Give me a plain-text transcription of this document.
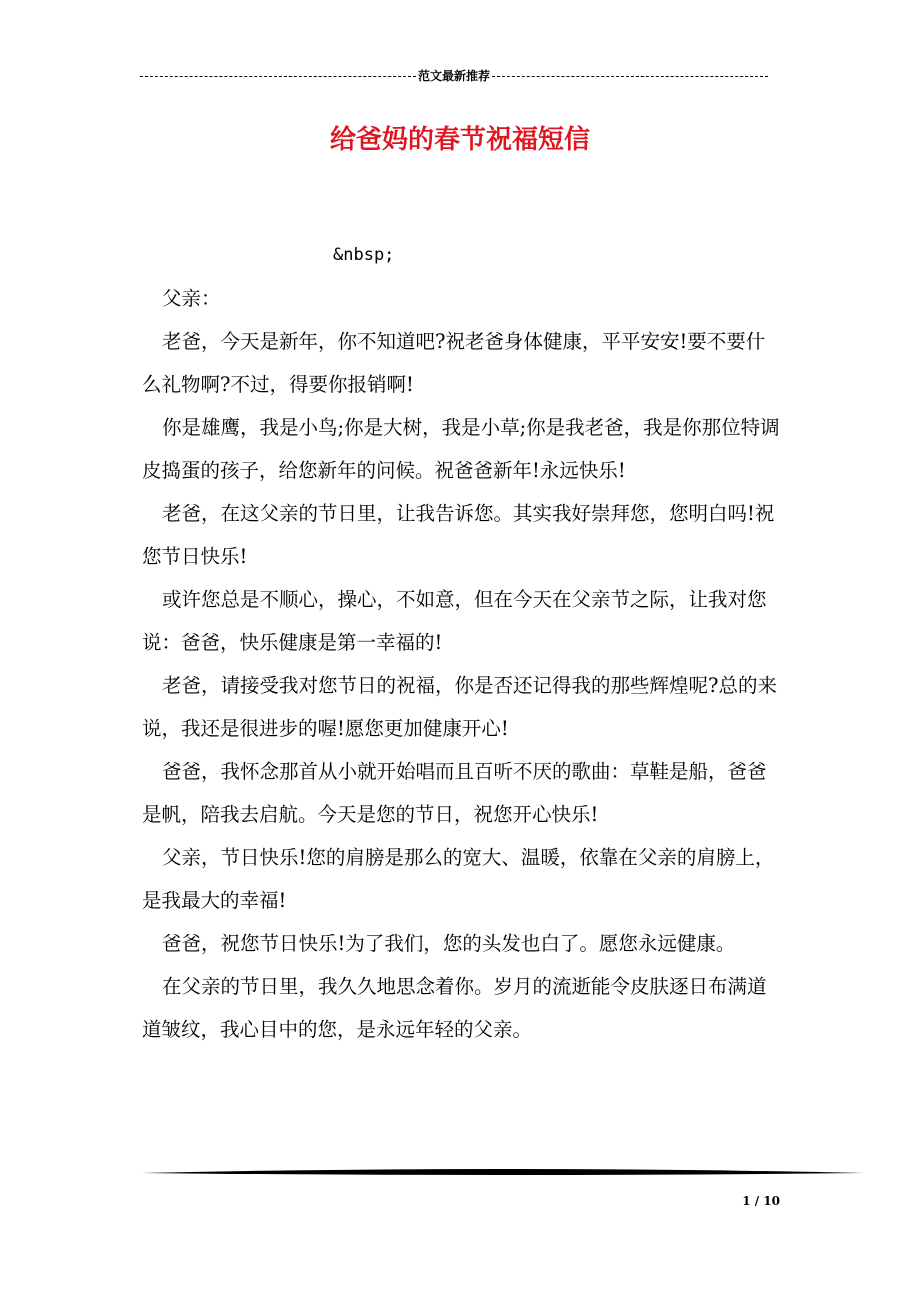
范文最新推荐
给爸妈的春节祝福短信

&nbsp;

父亲：

老爸，今天是新年，你不知道吧?祝老爸身体健康，平平安安!要不要什么礼物啊?不过，得要你报销啊!

你是雄鹰，我是小鸟;你是大树，我是小草;你是我老爸，我是你那位特调皮捣蛋的孩子，给您新年的问候。祝爸爸新年!永远快乐!

老爸，在这父亲的节日里，让我告诉您。其实我好崇拜您，您明白吗!祝您节日快乐!

或许您总是不顺心，操心，不如意，但在今天在父亲节之际，让我对您说：爸爸，快乐健康是第一幸福的!

老爸，请接受我对您节日的祝福，你是否还记得我的那些辉煌呢?总的来说，我还是很进步的喔!愿您更加健康开心!

爸爸，我怀念那首从小就开始唱而且百听不厌的歌曲：草鞋是船，爸爸是帆，陪我去启航。今天是您的节日，祝您开心快乐!

父亲，节日快乐!您的肩膀是那么的宽大、温暖，依靠在父亲的肩膀上，是我最大的幸福!

爸爸，祝您节日快乐!为了我们，您的头发也白了。愿您永远健康。

在父亲的节日里，我久久地思念着你。岁月的流逝能令皮肤逐日布满道道皱纹，我心目中的您，是永远年轻的父亲。

1 / 10
